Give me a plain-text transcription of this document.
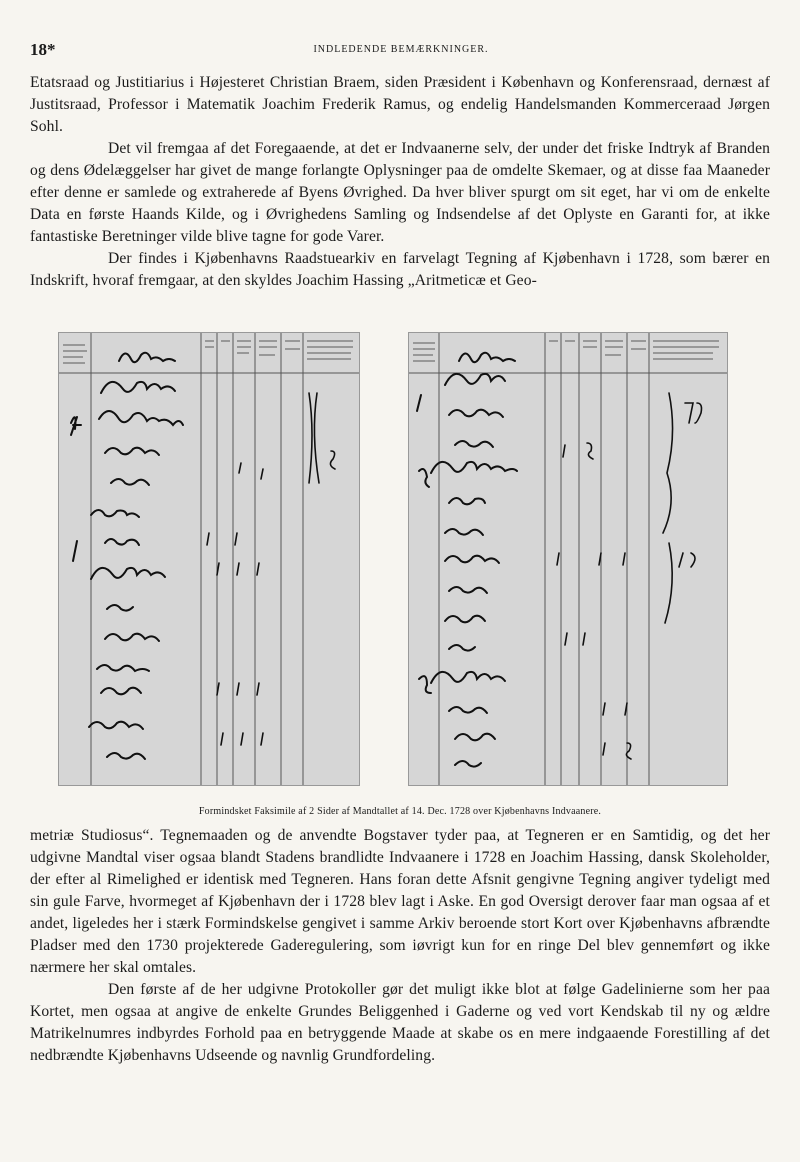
18*	INDLEDENDE BEMÆRKNINGER.

Etatsraad og Justitiarius i Højesteret Christian Braem, siden Præsident i København og Konferensraad, dernæst af Justitsraad, Professor i Matematik Joachim Frederik Ramus, og endelig Handelsmanden Kommerceraad Jørgen Sohl.

Det vil fremgaa af det Foregaaende, at det er Indvaanerne selv, der under det friske Indtryk af Branden og dens Ødelæggelser har givet de mange forlangte Oplysninger paa de omdelte Skemaer, og at disse faa Maaneder efter denne er samlede og extraherede af Byens Øvrighed. Da hver bliver spurgt om sit eget, har vi om de enkelte Data en første Haands Kilde, og i Øvrighedens Samling og Indsendelse af det Oplyste en Garanti for, at ikke fantastiske Beretninger vilde blive tagne for gode Varer.

Der findes i Kjøbenhavns Raadstuearkiv en farvelagt Tegning af Kjøbenhavn i 1728, som bærer en Indskrift, hvoraf fremgaar, at den skyldes Joachim Hassing „Aritmeticæ et Geo-

Formindsket Faksimile af 2 Sider af Mandtallet af 14. Dec. 1728 over Kjøbenhavns Indvaanere.

metriæ Studiosus“. Tegnemaaden og de anvendte Bogstaver tyder paa, at Tegneren er en Samtidig, og det her udgivne Mandtal viser ogsaa blandt Stadens brandlidte Indvaanere i 1728 en Joachim Hassing, dansk Skoleholder, der efter al Rimelighed er identisk med Tegneren. Hans foran dette Afsnit gengivne Tegning angiver tydeligt med sin gule Farve, hvormeget af Kjøbenhavn der i 1728 blev lagt i Aske. En god Oversigt derover faar man ogsaa af et andet, ligeledes her i stærk Formindskelse gengivet i samme Arkiv beroende stort Kort over Kjøbenhavns afbrændte Pladser med den 1730 projekterede Gaderegulering, som iøvrigt kun for en ringe Del blev gennemført og ikke nærmere her skal omtales.

Den første af de her udgivne Protokoller gør det muligt ikke blot at følge Gadelinierne som her paa Kortet, men ogsaa at angive de enkelte Grundes Beliggenhed i Gaderne og ved vort Kendskab til ny og ældre Matrikelnumres indbyrdes Forhold paa en betryggende Maade at skabe os en mere indgaaende Forestilling af det nedbrændte Kjøbenhavns Udseende og navnlig Grundfordeling.
